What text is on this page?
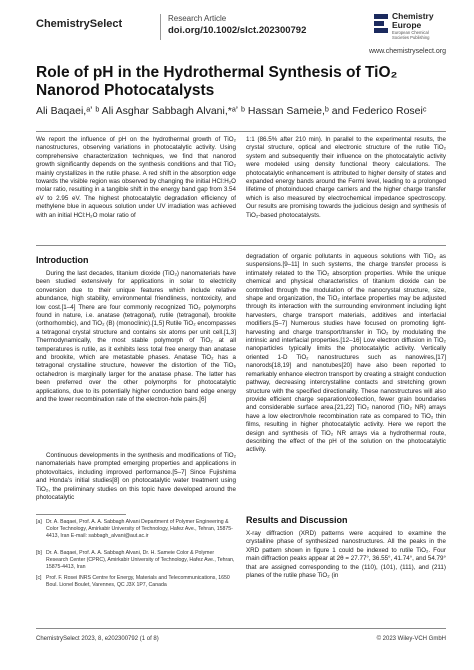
ChemistrySelect	Research Article
doi.org/10.1002/slct.202300792
Chemistry
Europe
European Chemical Societies Publishing
www.chemistryselect.org
Role of pH in the Hydrothermal Synthesis of TiO₂ Nanorod Photocatalysts
Ali Baqaei,ᵃʼ ᵇ Ali Asghar Sabbagh Alvani,*ᵃʼ ᵇ Hassan Sameie,ᵇ and Federico Roseiᶜ

We report the influence of pH on the hydrothermal growth of TiO₂ nanostructures, observing variations in photocatalytic activity. Using comprehensive characterization techniques, we find that nanorod growth significantly depends on the synthesis conditions and that TiO₂ mainly crystallizes in the rutile phase. A red shift in the absorption edge towards the visible region was observed by changing the initial HCl:H₂O molar ratio, resulting in a tangible shift in the energy band gap from 3.54 eV to 2.95 eV. The highest photocatalytic degradation efficiency of methylene blue in aqueous solution under UV irradiation was achieved with an initial HCl:H₂O molar ratio of

1:1 (86.5% after 210 min). In parallel to the experimental results, the crystal structure, optical and electronic structure of the rutile TiO₂ system and subsequently their influence on the photocatalytic activity were modeled using density functional theory calculations. The photocatalytic enhancement is attributed to higher density of states and expanded energy bands around the Fermi level, leading to a prolonged lifetime of photoinduced charge carriers and the higher charge transfer which is also measured by electrochemical impedance spectroscopy. Our results are promising towards the judicious design and synthesis of TiO₂-based photocatalysts.

Introduction

During the last decades, titanium dioxide (TiO₂) nanomaterials have been studied extensively for applications in solar to electricity conversion due to their unique features which include relative abundance, high stability, environmental friendliness, nontoxicity, and low cost.[1–4] There are four commonly recognized TiO₂ polymorphs found in nature, i.e. anatase (tetragonal), rutile (tetragonal), brookite (orthorhombic), and TiO₂ (B) (monoclinic).[1,5] Rutile TiO₂ encompasses a tetragonal crystal structure and contains six atoms per unit cell.[1,3] Thermodynamically, the most stable polymorph of TiO₂ at all temperatures is rutile, as it exhibits less total free energy than anatase and brookite, which are metastable phases. Anatase TiO₂ has a tetragonal crystalline structure, however the distortion of the TiO₆ octahedron is marginally larger for the anatase phase. The latter has been preferred over the other polymorphs for photocatalytic applications, due to its potentially higher conduction band edge energy and the lower recombination rate of the electron-hole pairs.[6]

Continuous developments in the synthesis and modifications of TiO₂ nanomaterials have prompted emerging properties and applications in photovoltaics, including improved performance.[5–7] Since Fujishima and Honda’s initial studies[8] on photocatalytic water treatment using TiO₂, the preliminary studies on this topic have developed around the photocatalytic

[a] Dr. A. Baqaei, Prof. A. A. Sabbagh Alvani Department of Polymer Engineering & Color Technology, Amirkabir University of Technology, Hafez Ave., Tehran, 15875-4413, Iran E-mail: sabbagh_alvani@aut.ac.ir
[b] Dr. A. Baqaei, Prof. A. A. Sabbagh Alvani, Dr. H. Sameie Color & Polymer Research Center (CPRC), Amirkabir University of Technology, Hafez Ave., Tehran, 15875-4413, Iran
[c] Prof. F. Rosei INRS Centre for Energy, Materials and Telecommunications, 1650 Boul. Lionel Boulet, Varennes, QC J3X 1P7, Canada

degradation of organic pollutants in aqueous solutions with TiO₂ as suspensions.[9–11] In such systems, the charge transfer process is intimately related to the TiO₂ absorption properties. While the unique chemical and physical characteristics of titanium dioxide can be controlled through the modulation of the nanocrystal structure, size, shape and organization, the TiO₂ interface properties may be adjusted through its interaction with the surrounding environment including light harvesters, charge transport materials, additives and interfacial modifiers.[5–7] Numerous studies have focused on promoting light-harvesting and charge transport/transfer in TiO₂ by modulating the intrinsic and interfacial properties.[12–16] Low electron diffusion in TiO₂ nanoparticles typically limits the photocatalytic activity. Vertically oriented 1-D TiO₂ nanostructures such as nanowires,[17] nanorods[18,19] and nanotubes[20] have also been reported to remarkably enhance electron transport by creating a straight conduction pathway, decreasing intercrystalline contacts and stretching grown structure with the specified directionality. These nanostructures will also provide efficient charge separation/collection, fewer grain boundaries and considerable surface area.[21,22] TiO₂ nanorod (TiO₂ NR) arrays have a low electron/hole recombination rate as compared to TiO₂ thin films, resulting in higher photocatalytic activity. Here we report the design and synthesis of TiO₂ NR arrays via a hydrothermal route, describing the effect of the pH of the solution on the photocatalytic activity.

Results and Discussion

X-ray diffraction (XRD) patterns were acquired to examine the crystalline phase of synthesized nanostructures. All the peaks in the XRD pattern shown in figure 1 could be indexed to rutile TiO₂. Four main diffraction peaks appear at 2θ = 27.77°, 36.55°, 41.74°, and 54.79° that are assigned corresponding to the (110), (101), (111), and (211) planes of the rutile phase TiO₂ (in

ChemistrySelect 2023, 8, e202300792 (1 of 8)	© 2023 Wiley-VCH GmbH
